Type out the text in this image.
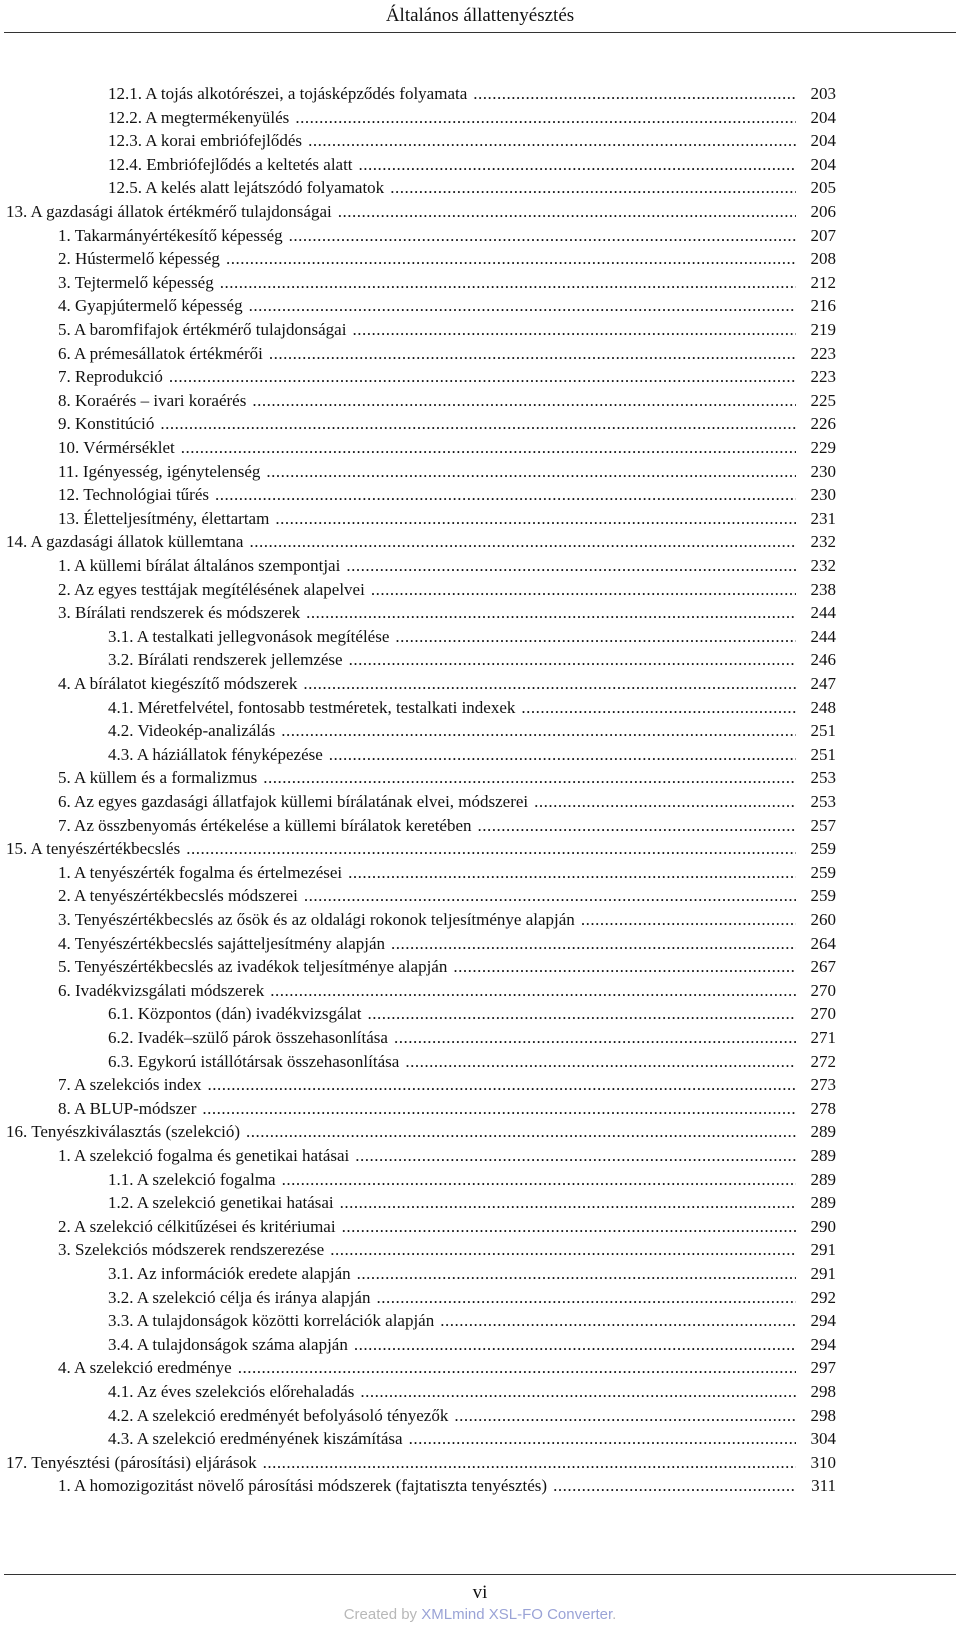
Általános állattenyésztés
12.1. A tojás alkotórészei, a tojásképződés folyamata .....	203
12.2. A megtermékenyülés .....	204
12.3. A korai embriófejlődés .....	204
12.4. Embriófejlődés a keltetés alatt .....	204
12.5. A kelés alatt lejátszódó folyamatok .....	205
13. A gazdasági állatok értékmérő tulajdonságai .....	206
1. Takarmányértékesítő képesség .....	207
2. Hústermelő képesség .....	208
3. Tejtermelő képesség .....	212
4. Gyapjútermelő képesség .....	216
5. A baromfifajok értékmérő tulajdonságai .....	219
6. A prémesállatok értékmérői .....	223
7. Reprodukció .....	223
8. Koraérés – ivari koraérés .....	225
9. Konstitúció .....	226
10. Vérmérséklet .....	229
11. Igényesség, igénytelenség .....	230
12. Technológiai tűrés .....	230
13. Életteljesítmény, élettartam .....	231
14. A gazdasági állatok küllemtana .....	232
1. A küllemi bírálat általános szempontjai .....	232
2. Az egyes testtájak megítélésének alapelvei .....	238
3. Bírálati rendszerek és módszerek .....	244
3.1. A testalkati jellegvonások megítélése .....	244
3.2. Bírálati rendszerek jellemzése .....	246
4. A bírálatot kiegészítő módszerek .....	247
4.1. Méretfelvétel, fontosabb testméretek, testalkati indexek .....	248
4.2. Videokép-analizálás .....	251
4.3. A háziállatok fényképezése .....	251
5. A küllem és a formalizmus .....	253
6. Az egyes gazdasági állatfajok küllemi bírálatának elvei, módszerei .....	253
7. Az összbenyomás értékelése a küllemi bírálatok keretében .....	257
15. A tenyészértékbecslés .....	259
1. A tenyészérték fogalma és értelmezései .....	259
2. A tenyészértékbecslés módszerei .....	259
3. Tenyészértékbecslés az ősök és az oldalági rokonok teljesítménye alapján .....	260
4. Tenyészértékbecslés sajátteljesítmény alapján .....	264
5. Tenyészértékbecslés az ivadékok teljesítménye alapján .....	267
6. Ivadékvizsgálati módszerek .....	270
6.1. Központos (dán) ivadékvizsgálat .....	270
6.2. Ivadék–szülő párok összehasonlítása .....	271
6.3. Egykorú istállótársak összehasonlítása .....	272
7. A szelekciós index .....	273
8. A BLUP-módszer .....	278
16. Tenyészkiválasztás (szelekció) .....	289
1. A szelekció fogalma és genetikai hatásai .....	289
1.1. A szelekció fogalma .....	289
1.2. A szelekció genetikai hatásai .....	289
2. A szelekció célkitűzései és kritériumai .....	290
3. Szelekciós módszerek rendszerezése .....	291
3.1. Az információk eredete alapján .....	291
3.2. A szelekció célja és iránya alapján .....	292
3.3. A tulajdonságok közötti korrelációk alapján .....	294
3.4. A tulajdonságok száma alapján .....	294
4. A szelekció eredménye .....	297
4.1. Az éves szelekciós előrehaladás .....	298
4.2. A szelekció eredményét befolyásoló tényezők .....	298
4.3. A szelekció eredményének kiszámítása .....	304
17. Tenyésztési (párosítási) eljárások .....	310
1. A homozigozitást növelő párosítási módszerek (fajtatiszta tenyésztés) .....	311
vi
Created by XMLmind XSL-FO Converter.
